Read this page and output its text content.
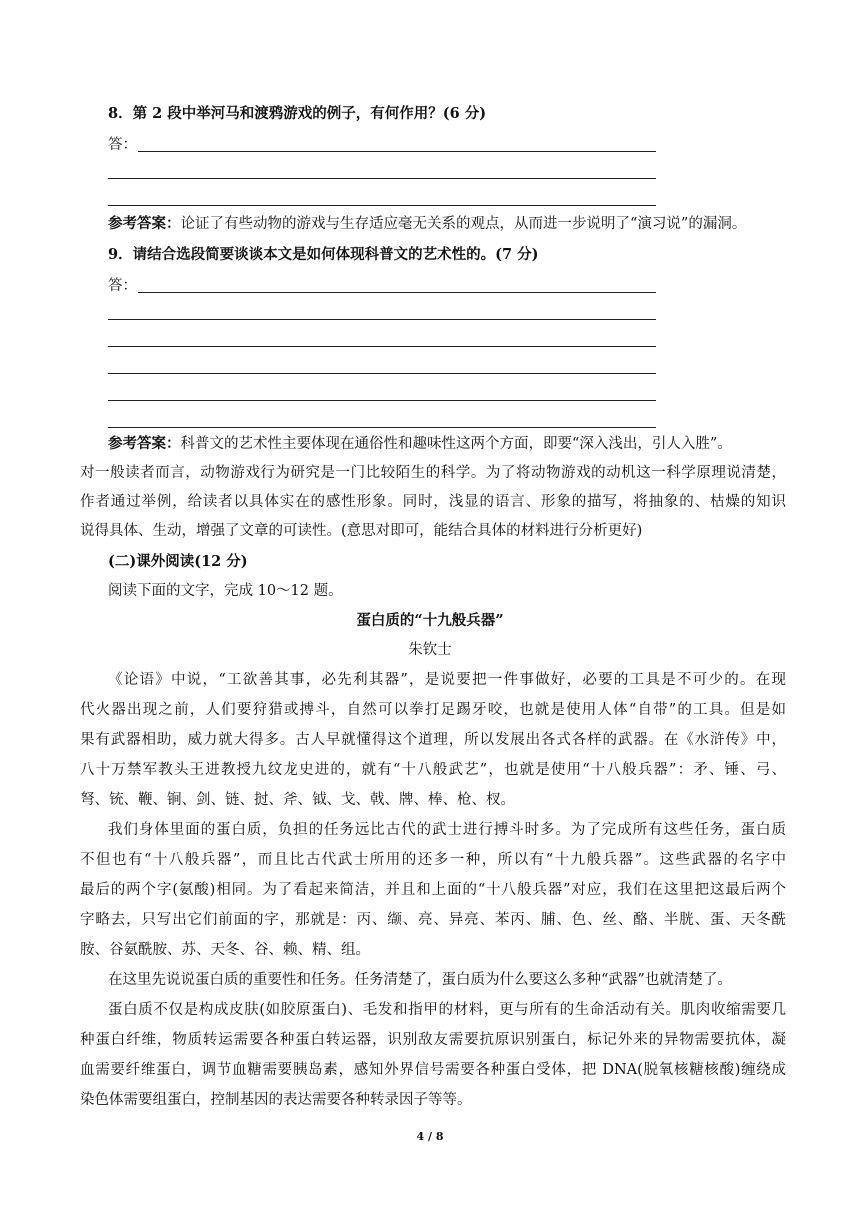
8．第 2 段中举河马和渡鸦游戏的例子，有何作用？(6 分)
答：
参考答案：论证了有些动物的游戏与生存适应毫无关系的观点，从而进一步说明了“演习说”的漏洞。
9．请结合选段简要谈谈本文是如何体现科普文的艺术性的。(7 分)
答：
参考答案：科普文的艺术性主要体现在通俗性和趣味性这两个方面，即要“深入浅出，引人入胜”。
对一般读者而言，动物游戏行为研究是一门比较陌生的科学。为了将动物游戏的动机这一科学原理说清楚，
作者通过举例，给读者以具体实在的感性形象。同时，浅显的语言、形象的描写，将抽象的、枯燥的知识
说得具体、生动，增强了文章的可读性。(意思对即可，能结合具体的材料进行分析更好)
(二)课外阅读(12 分)
阅读下面的文字，完成 10～12 题。
蛋白质的“十九般兵器”
朱钦士
《论语》中说，“工欲善其事，必先利其器”，是说要把一件事做好，必要的工具是不可少的。在现
代火器出现之前，人们要狩猎或搏斗，自然可以拳打足踢牙咬，也就是使用人体“自带”的工具。但是如
果有武器相助，威力就大得多。古人早就懂得这个道理，所以发展出各式各样的武器。在《水浒传》中，
八十万禁军教头王进教授九纹龙史进的，就有“十八般武艺”，也就是使用“十八般兵器”：矛、锤、弓、
弩、铳、鞭、锏、剑、链、挝、斧、钺、戈、戟、牌、棒、枪、杈。
我们身体里面的蛋白质，负担的任务远比古代的武士进行搏斗时多。为了完成所有这些任务，蛋白质
不但也有“十八般兵器”，而且比古代武士所用的还多一种，所以有“十九般兵器”。这些武器的名字中
最后的两个字(氨酸)相同。为了看起来简洁，并且和上面的“十八般兵器”对应，我们在这里把这最后两个
字略去，只写出它们前面的字，那就是：丙、缬、亮、异亮、苯丙、脯、色、丝、酪、半胱、蛋、天冬酰
胺、谷氨酰胺、苏、天冬、谷、赖、精、组。
在这里先说说蛋白质的重要性和任务。任务清楚了，蛋白质为什么要这么多种“武器”也就清楚了。
蛋白质不仅是构成皮肤(如胶原蛋白)、毛发和指甲的材料，更与所有的生命活动有关。肌肉收缩需要几
种蛋白纤维，物质转运需要各种蛋白转运器，识别敌友需要抗原识别蛋白，标记外来的异物需要抗体，凝
血需要纤维蛋白，调节血糖需要胰岛素，感知外界信号需要各种蛋白受体，把 DNA(脱氧核糖核酸)缠绕成
染色体需要组蛋白，控制基因的表达需要各种转录因子等等。
4 / 8
